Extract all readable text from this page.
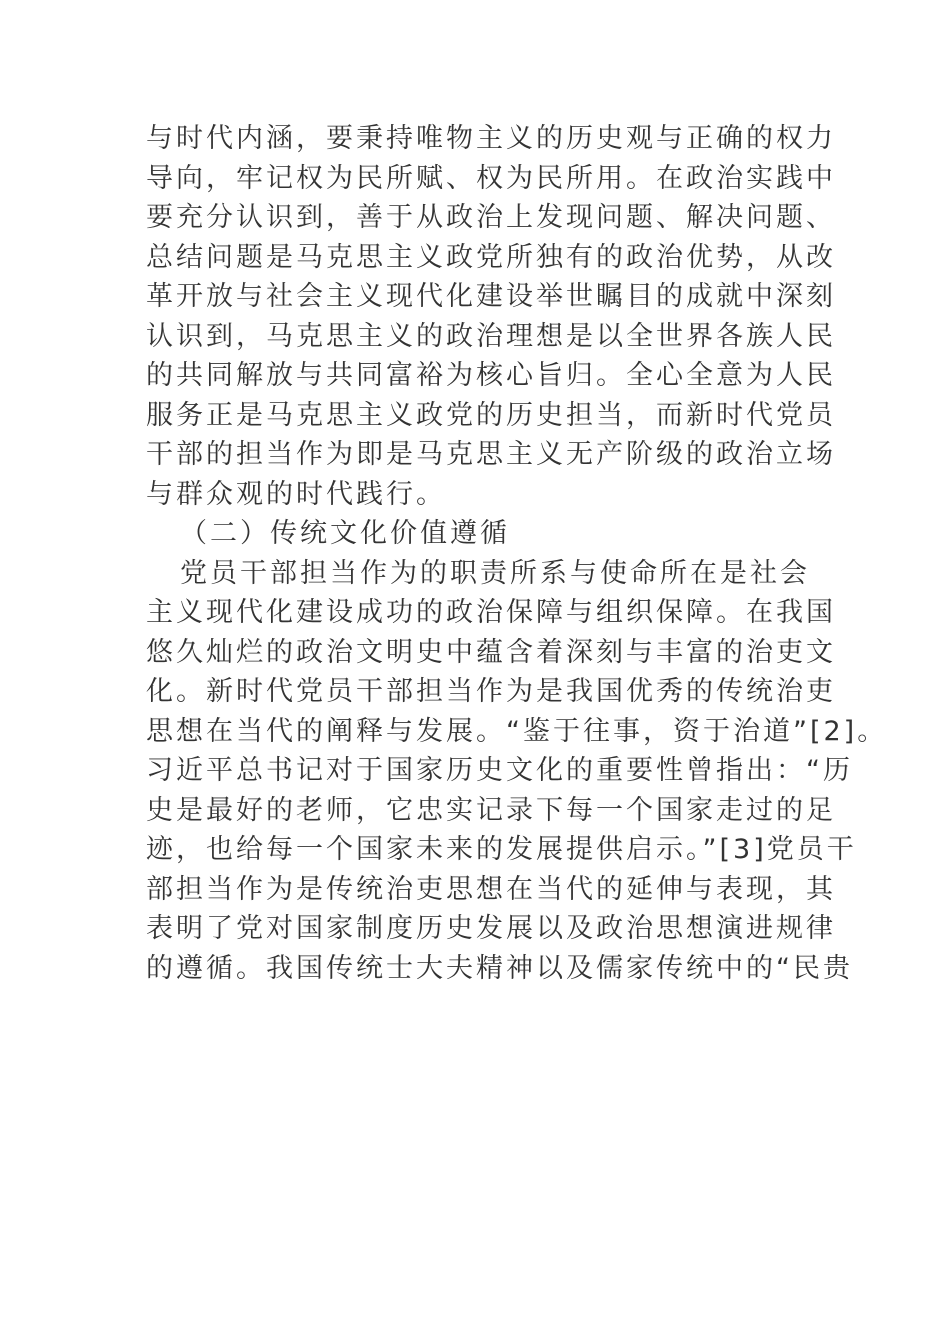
与时代内涵，要秉持唯物主义的历史观与正确的权力
导向，牢记权为民所赋、权为民所用。在政治实践中
要充分认识到，善于从政治上发现问题、解决问题、
总结问题是马克思主义政党所独有的政治优势，从改
革开放与社会主义现代化建设举世瞩目的成就中深刻
认识到，马克思主义的政治理想是以全世界各族人民
的共同解放与共同富裕为核心旨归。全心全意为人民
服务正是马克思主义政党的历史担当，而新时代党员
干部的担当作为即是马克思主义无产阶级的政治立场
与群众观的时代践行。
（二）传统文化价值遵循
党员干部担当作为的职责所系与使命所在是社会
主义现代化建设成功的政治保障与组织保障。在我国
悠久灿烂的政治文明史中蕴含着深刻与丰富的治吏文
化。新时代党员干部担当作为是我国优秀的传统治吏
思想在当代的阐释与发展。“鉴于往事，资于治道”[2]。
习近平总书记对于国家历史文化的重要性曾指出：“历
史是最好的老师，它忠实记录下每一个国家走过的足
迹，也给每一个国家未来的发展提供启示。”[3]党员干
部担当作为是传统治吏思想在当代的延伸与表现，其
表明了党对国家制度历史发展以及政治思想演进规律
的遵循。我国传统士大夫精神以及儒家传统中的“民贵
